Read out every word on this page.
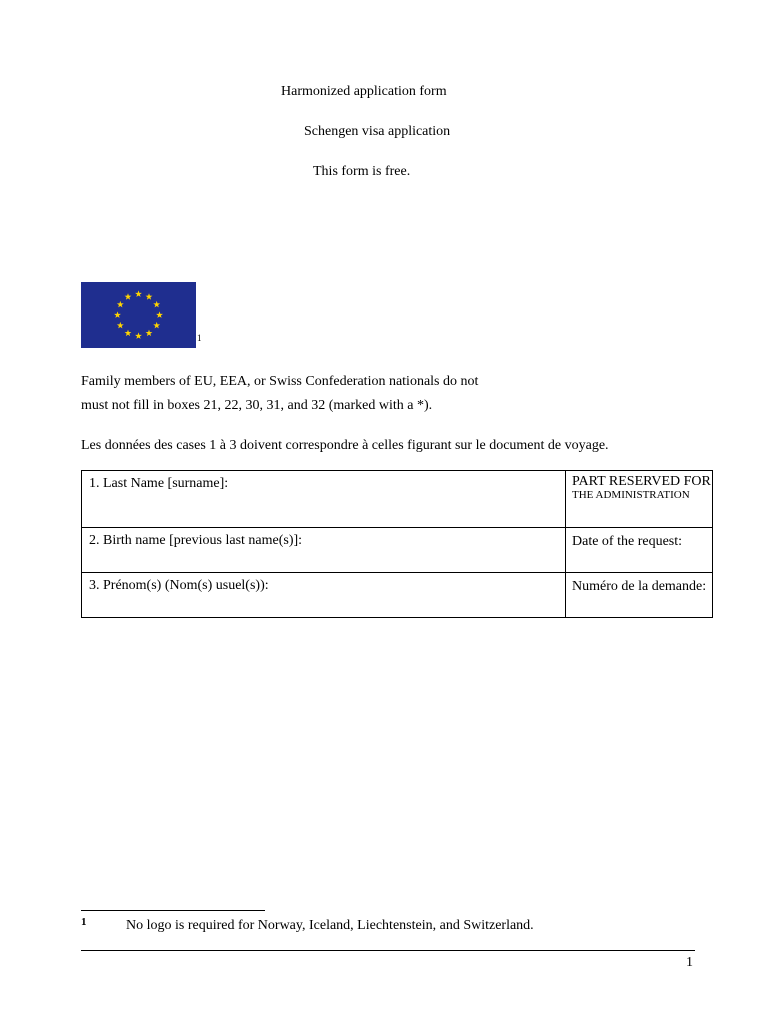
Harmonized application form
Schengen visa application
This form is free.
1
Family members of EU, EEA, or Swiss Confederation nationals do not
must not fill in boxes 21, 22, 30, 31, and 32 (marked with a *).
Les données des cases 1 à 3 doivent correspondre à celles figurant sur le document de voyage.
1. Last Name [surname]:	PART RESERVED FOR
THE ADMINISTRATION

2. Birth name [previous last name(s)]:	Date of the request:
3. Prénom(s) (Nom(s) usuel(s)):	Numéro de la demande:
1	No logo is required for Norway, Iceland, Liechtenstein, and Switzerland.
1
